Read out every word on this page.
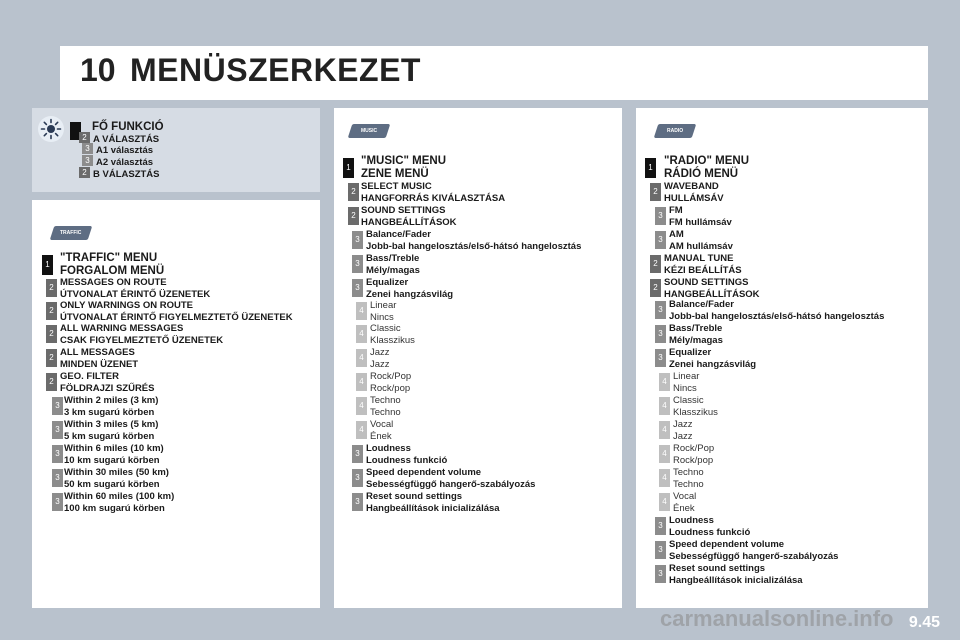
10 MENÜSZERKEZET
FŐ FUNKCIÓ
2 A VÁLASZTÁS
3 A1 választás
3 A2 választás
2 B VÁLASZTÁS
TRAFFIC
1
"TRAFFIC" MENU
FORGALOM MENÜ
2 MESSAGES ON ROUTE
ÚTVONALAT ÉRINTŐ ÜZENETEK
2 ONLY WARNINGS ON ROUTE
ÚTVONALAT ÉRINTŐ FIGYELMEZTETŐ ÜZENETEK
2 ALL WARNING MESSAGES
CSAK FIGYELMEZTETŐ ÜZENETEK
2 ALL MESSAGES
MINDEN ÜZENET
2 GEO. FILTER
FÖLDRAJZI SZŰRÉS
3 Within 2 miles (3 km)
3 km sugarú körben
3 Within 3 miles (5 km)
5 km sugarú körben
3 Within 6 miles (10 km)
10 km sugarú körben
3 Within 30 miles (50 km)
50 km sugarú körben
3 Within 60 miles (100 km)
100 km sugarú körben
MUSIC
1
"MUSIC" MENU
ZENE MENÜ
2 SELECT MUSIC
HANGFORRÁS KIVÁLASZTÁSA
2 SOUND SETTINGS
HANGBEÁLLÍTÁSOK
3 Balance/Fader
Jobb-bal hangelosztás/első-hátsó hangelosztás
3 Bass/Treble
Mély/magas
3 Equalizer
Zenei hangzásvilág
4 Linear
Nincs
4 Classic
Klasszikus
4 Jazz
Jazz
4 Rock/Pop
Rock/pop
4 Techno
Techno
4 Vocal
Ének
3 Loudness
Loudness funkció
3 Speed dependent volume
Sebességfüggő hangerő-szabályozás
3 Reset sound settings
Hangbeállítások inicializálása
RADIO
1
"RADIO" MENU
RÁDIÓ MENÜ
2 WAVEBAND
HULLÁMSÁV
3 FM
FM hullámsáv
3 AM
AM hullámsáv
2 MANUAL TUNE
KÉZI BEÁLLÍTÁS
2 SOUND SETTINGS
HANGBEÁLLÍTÁSOK
3 Balance/Fader
Jobb-bal hangelosztás/első-hátsó hangelosztás
3 Bass/Treble
Mély/magas
3 Equalizer
Zenei hangzásvilág
4 Linear
Nincs
4 Classic
Klasszikus
4 Jazz
Jazz
4 Rock/Pop
Rock/pop
4 Techno
Techno
4 Vocal
Ének
3 Loudness
Loudness funkció
3 Speed dependent volume
Sebességfüggő hangerő-szabályozás
3 Reset sound settings
Hangbeállítások inicializálása
9.45
carmanualsonline.info
